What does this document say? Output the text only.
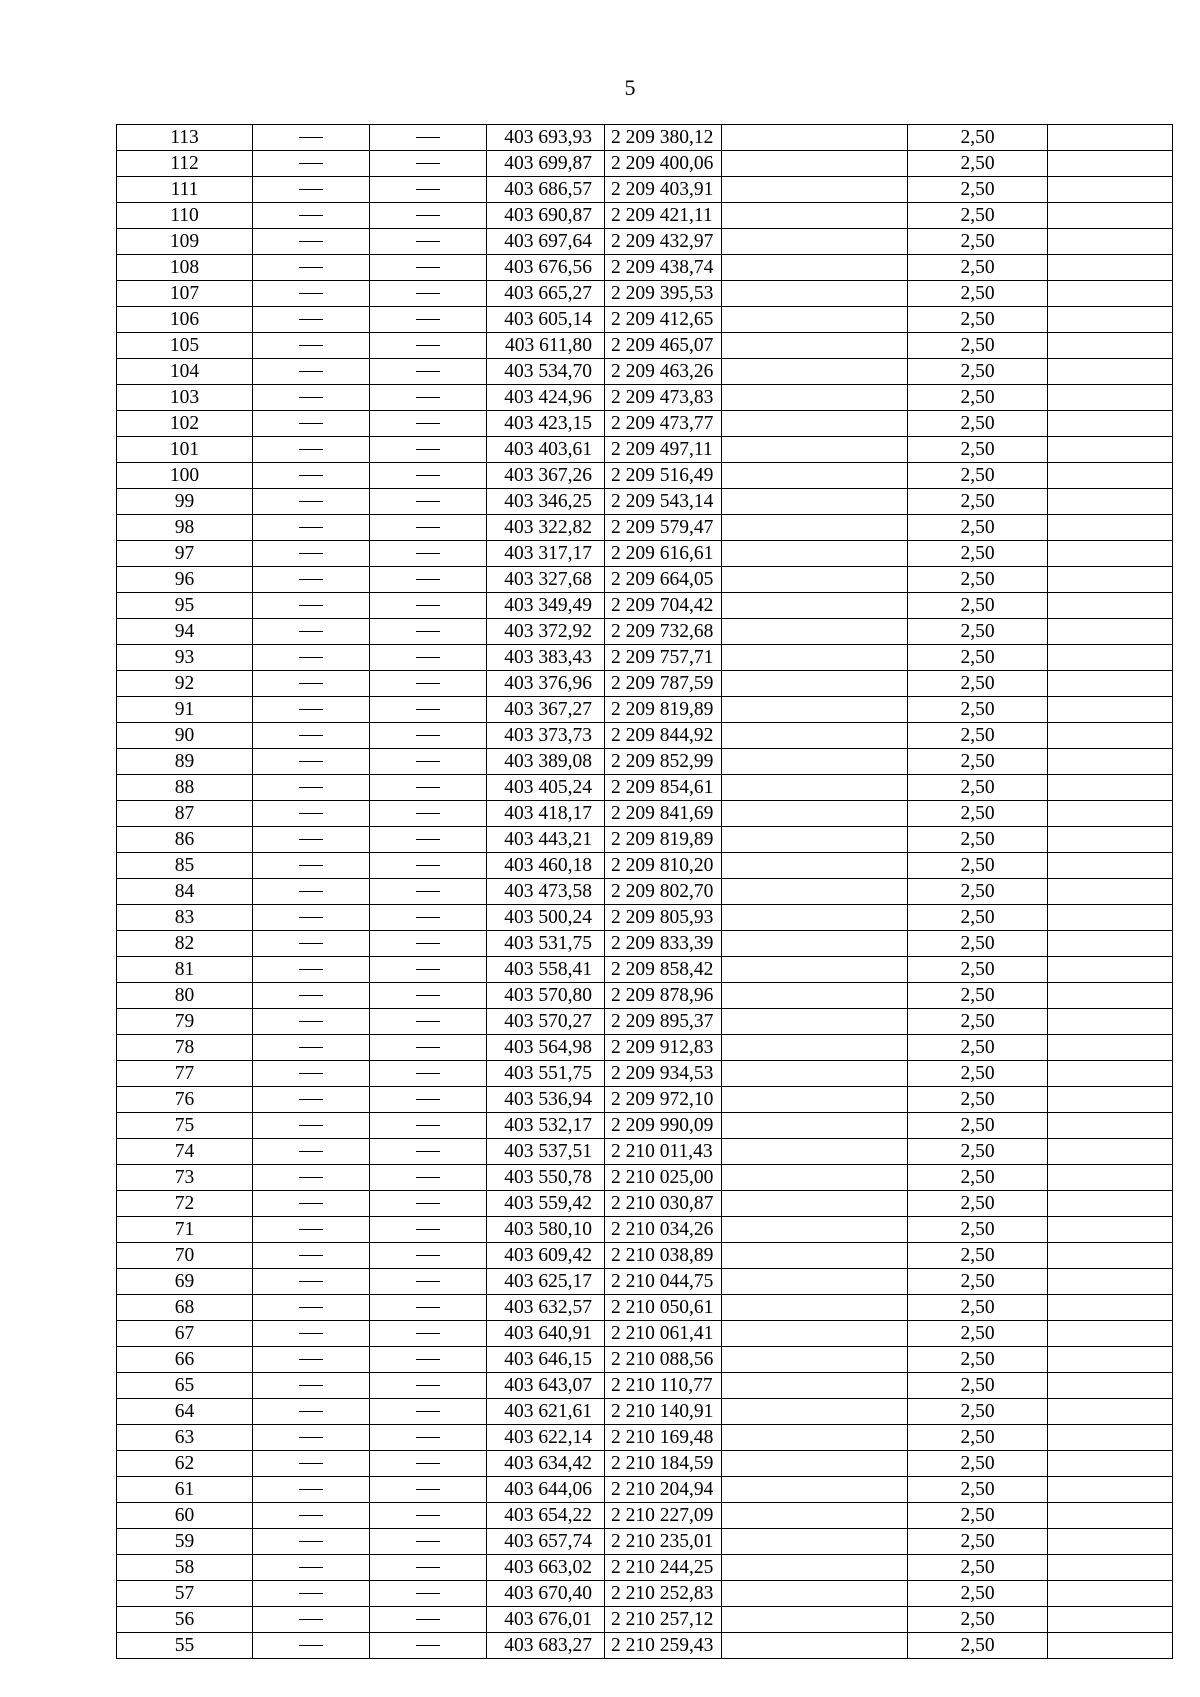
5
113			403 693,93	2 209 380,12		2,50	
112			403 699,87	2 209 400,06		2,50	
111			403 686,57	2 209 403,91		2,50	
110			403 690,87	2 209 421,11		2,50	
109			403 697,64	2 209 432,97		2,50	
108			403 676,56	2 209 438,74		2,50	
107			403 665,27	2 209 395,53		2,50	
106			403 605,14	2 209 412,65		2,50	
105			403 611,80	2 209 465,07		2,50	
104			403 534,70	2 209 463,26		2,50	
103			403 424,96	2 209 473,83		2,50	
102			403 423,15	2 209 473,77		2,50	
101			403 403,61	2 209 497,11		2,50	
100			403 367,26	2 209 516,49		2,50	
99			403 346,25	2 209 543,14		2,50	
98			403 322,82	2 209 579,47		2,50	
97			403 317,17	2 209 616,61		2,50	
96			403 327,68	2 209 664,05		2,50	
95			403 349,49	2 209 704,42		2,50	
94			403 372,92	2 209 732,68		2,50	
93			403 383,43	2 209 757,71		2,50	
92			403 376,96	2 209 787,59		2,50	
91			403 367,27	2 209 819,89		2,50	
90			403 373,73	2 209 844,92		2,50	
89			403 389,08	2 209 852,99		2,50	
88			403 405,24	2 209 854,61		2,50	
87			403 418,17	2 209 841,69		2,50	
86			403 443,21	2 209 819,89		2,50	
85			403 460,18	2 209 810,20		2,50	
84			403 473,58	2 209 802,70		2,50	
83			403 500,24	2 209 805,93		2,50	
82			403 531,75	2 209 833,39		2,50	
81			403 558,41	2 209 858,42		2,50	
80			403 570,80	2 209 878,96		2,50	
79			403 570,27	2 209 895,37		2,50	
78			403 564,98	2 209 912,83		2,50	
77			403 551,75	2 209 934,53		2,50	
76			403 536,94	2 209 972,10		2,50	
75			403 532,17	2 209 990,09		2,50	
74			403 537,51	2 210 011,43		2,50	
73			403 550,78	2 210 025,00		2,50	
72			403 559,42	2 210 030,87		2,50	
71			403 580,10	2 210 034,26		2,50	
70			403 609,42	2 210 038,89		2,50	
69			403 625,17	2 210 044,75		2,50	
68			403 632,57	2 210 050,61		2,50	
67			403 640,91	2 210 061,41		2,50	
66			403 646,15	2 210 088,56		2,50	
65			403 643,07	2 210 110,77		2,50	
64			403 621,61	2 210 140,91		2,50	
63			403 622,14	2 210 169,48		2,50	
62			403 634,42	2 210 184,59		2,50	
61			403 644,06	2 210 204,94		2,50	
60			403 654,22	2 210 227,09		2,50	
59			403 657,74	2 210 235,01		2,50	
58			403 663,02	2 210 244,25		2,50	
57			403 670,40	2 210 252,83		2,50	
56			403 676,01	2 210 257,12		2,50	
55			403 683,27	2 210 259,43		2,50	
